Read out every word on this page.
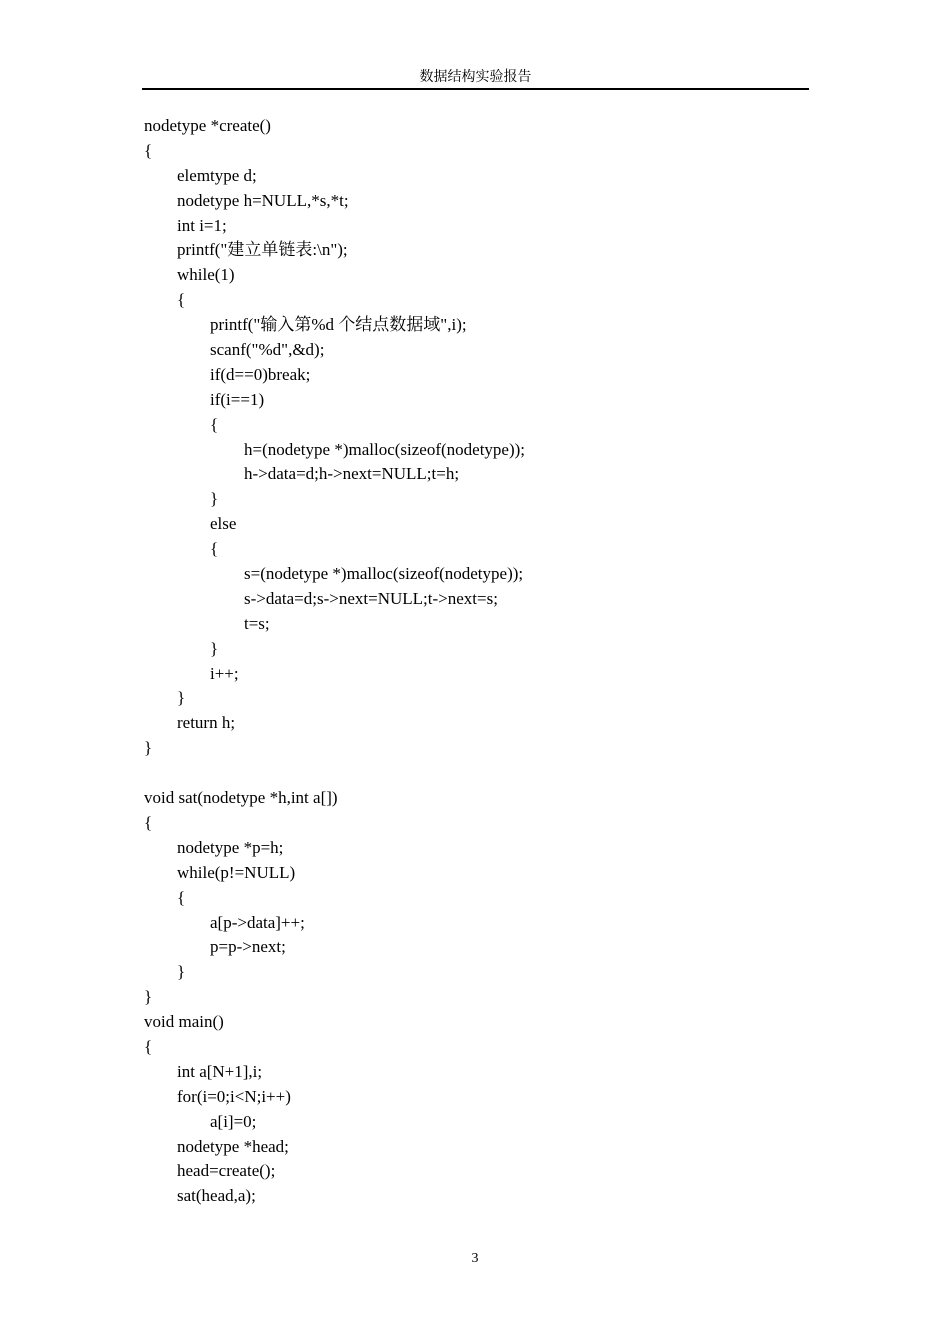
数据结构实验报告
nodetype *create()
{
elemtype d;
nodetype h=NULL,*s,*t;
int i=1;
printf("建立单链表:\n");
while(1)
{
printf("输入第%d 个结点数据域",i);
scanf("%d",&d);
if(d==0)break;
if(i==1)
{
h=(nodetype *)malloc(sizeof(nodetype));
h->data=d;h->next=NULL;t=h;
}
else
{
s=(nodetype *)malloc(sizeof(nodetype));
s->data=d;s->next=NULL;t->next=s;
t=s;
}
i++;
}
return h;
}
void sat(nodetype *h,int a[])
{
nodetype *p=h;
while(p!=NULL)
{
a[p->data]++;
p=p->next;
}
}
void main()
{
int a[N+1],i;
for(i=0;i<N;i++)
a[i]=0;
nodetype *head;
head=create();
sat(head,a);
3
